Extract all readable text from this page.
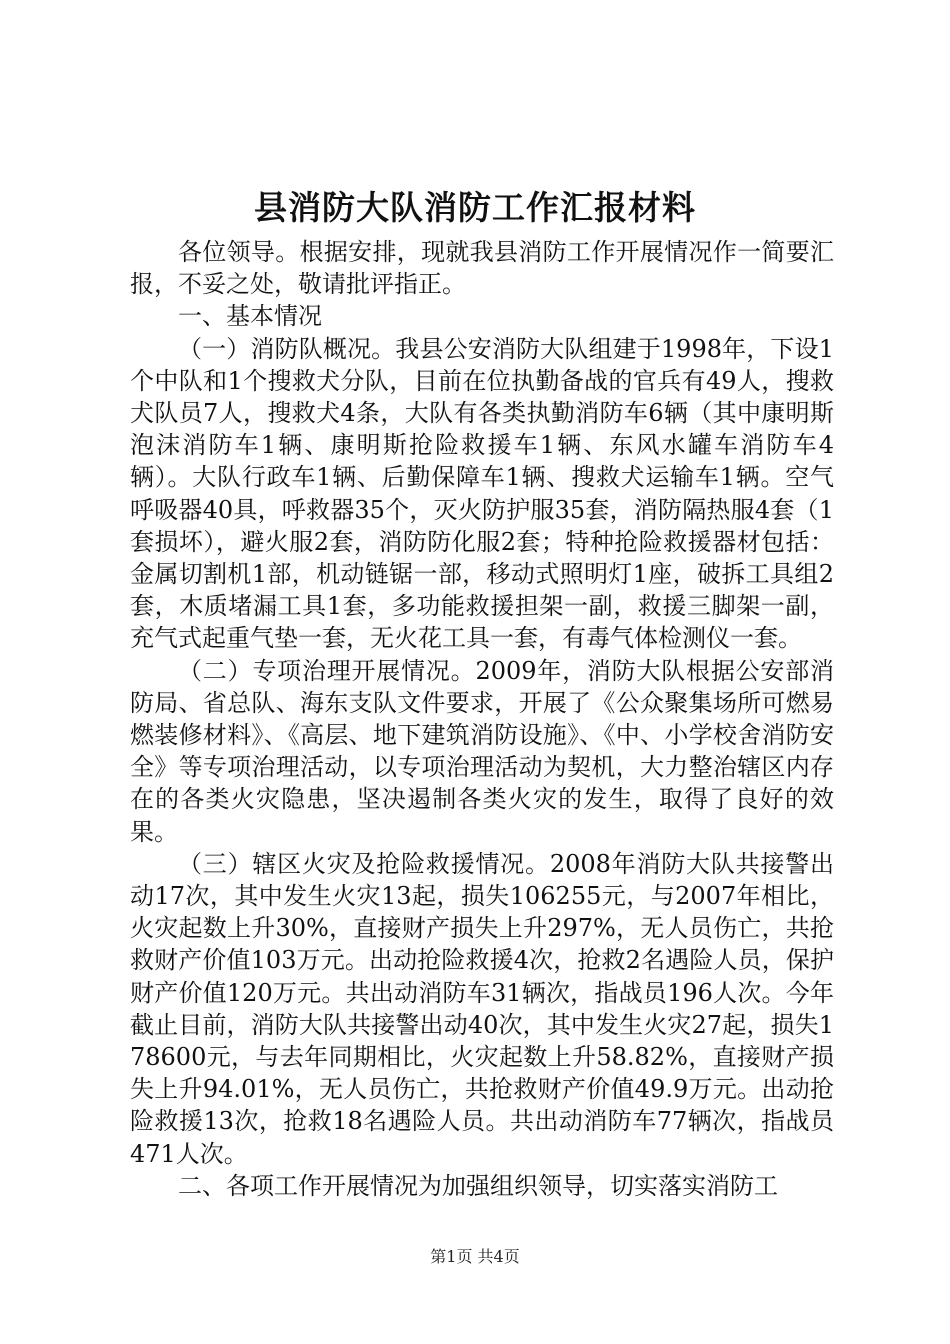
县消防大队消防工作汇报材料

各位领导。根据安排，现就我县消防工作开展情况作一简要汇报，不妥之处，敬请批评指正。

一、基本情况

（一）消防队概况。我县公安消防大队组建于1998年，下设1个中队和1个搜救犬分队，目前在位执勤备战的官兵有49人，搜救犬队员7人，搜救犬4条，大队有各类执勤消防车6辆（其中康明斯泡沫消防车1辆、康明斯抢险救援车1辆、东风水罐车消防车4辆）。大队行政车1辆、后勤保障车1辆、搜救犬运输车1辆。空气呼吸器40具，呼救器35个，灭火防护服35套，消防隔热服4套（1套损坏），避火服2套，消防防化服2套；特种抢险救援器材包括：金属切割机1部，机动链锯一部，移动式照明灯1座，破拆工具组2套，木质堵漏工具1套，多功能救援担架一副，救援三脚架一副，充气式起重气垫一套，无火花工具一套，有毒气体检测仪一套。

（二）专项治理开展情况。2009年，消防大队根据公安部消防局、省总队、海东支队文件要求，开展了《公众聚集场所可燃易燃装修材料》、《高层、地下建筑消防设施》、《中、小学校舍消防安全》等专项治理活动，以专项治理活动为契机，大力整治辖区内存在的各类火灾隐患，坚决遏制各类火灾的发生，取得了良好的效果。

（三）辖区火灾及抢险救援情况。2008年消防大队共接警出动17次，其中发生火灾13起，损失106255元，与2007年相比，火灾起数上升30%，直接财产损失上升297%，无人员伤亡，共抢救财产价值103万元。出动抢险救援4次，抢救2名遇险人员，保护财产价值120万元。共出动消防车31辆次，指战员196人次。今年截止目前，消防大队共接警出动40次，其中发生火灾27起，损失178600元，与去年同期相比，火灾起数上升58.82%，直接财产损失上升94.01%，无人员伤亡，共抢救财产价值49.9万元。出动抢险救援13次，抢救18名遇险人员。共出动消防车77辆次，指战员471人次。

二、各项工作开展情况为加强组织领导，切实落实消防工

第1页 共4页
